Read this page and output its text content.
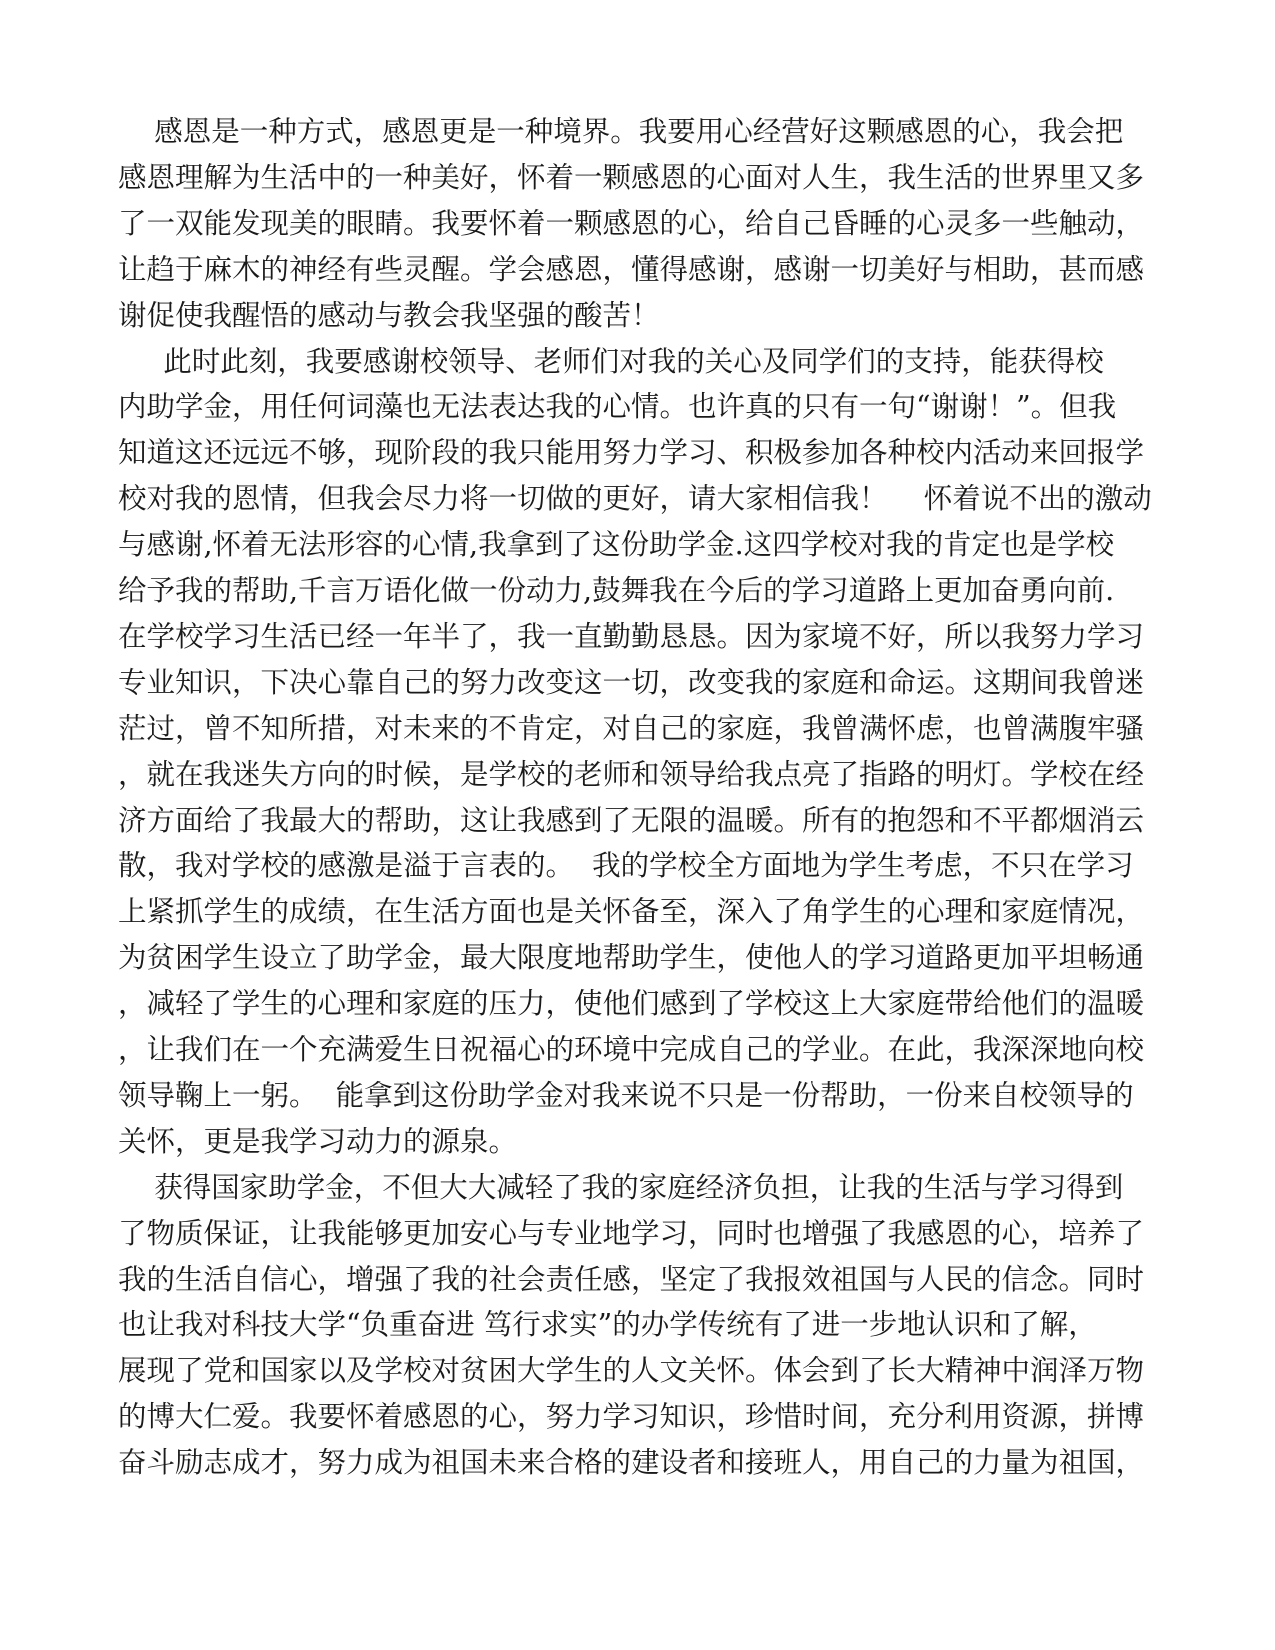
感恩是一种方式，感恩更是一种境界。我要用心经营好这颗感恩的心，我会把
感恩理解为生活中的一种美好，怀着一颗感恩的心面对人生，我生活的世界里又多
了一双能发现美的眼睛。我要怀着一颗感恩的心，给自己昏睡的心灵多一些触动，
让趋于麻木的神经有些灵醒。学会感恩，懂得感谢，感谢一切美好与相助，甚而感
谢促使我醒悟的感动与教会我坚强的酸苦！
此时此刻，我要感谢校领导、老师们对我的关心及同学们的支持，能获得校
内助学金，用任何词藻也无法表达我的心情。也许真的只有一句“谢谢！”。但我
知道这还远远不够，现阶段的我只能用努力学习、积极参加各种校内活动来回报学
校对我的恩情，但我会尽力将一切做的更好，请大家相信我！    怀着说不出的激动
与感谢,怀着无法形容的心情,我拿到了这份助学金.这四学校对我的肯定也是学校
给予我的帮助,千言万语化做一份动力,鼓舞我在今后的学习道路上更加奋勇向前.
在学校学习生活已经一年半了，我一直勤勤恳恳。因为家境不好，所以我努力学习
专业知识，下决心靠自己的努力改变这一切，改变我的家庭和命运。这期间我曾迷
茫过，曾不知所措，对未来的不肯定，对自己的家庭，我曾满怀虑，也曾满腹牢骚
，就在我迷失方向的时候，是学校的老师和领导给我点亮了指路的明灯。学校在经
济方面给了我最大的帮助，这让我感到了无限的温暖。所有的抱怨和不平都烟消云
散，我对学校的感激是溢于言表的。  我的学校全方面地为学生考虑，不只在学习
上紧抓学生的成绩，在生活方面也是关怀备至，深入了角学生的心理和家庭情况，
为贫困学生设立了助学金，最大限度地帮助学生，使他人的学习道路更加平坦畅通
，减轻了学生的心理和家庭的压力，使他们感到了学校这上大家庭带给他们的温暖
，让我们在一个充满爱生日祝福心的环境中完成自己的学业。在此，我深深地向校
领导鞠上一躬。  能拿到这份助学金对我来说不只是一份帮助，一份来自校领导的
关怀，更是我学习动力的源泉。
获得国家助学金，不但大大减轻了我的家庭经济负担，让我的生活与学习得到
了物质保证，让我能够更加安心与专业地学习，同时也增强了我感恩的心，培养了
我的生活自信心，增强了我的社会责任感，坚定了我报效祖国与人民的信念。同时
也让我对科技大学“负重奋进 笃行求实”的办学传统有了进一步地认识和了解，
展现了党和国家以及学校对贫困大学生的人文关怀。体会到了长大精神中润泽万物
的博大仁爱。我要怀着感恩的心，努力学习知识，珍惜时间，充分利用资源，拼博
奋斗励志成才，努力成为祖国未来合格的建设者和接班人，用自己的力量为祖国，
